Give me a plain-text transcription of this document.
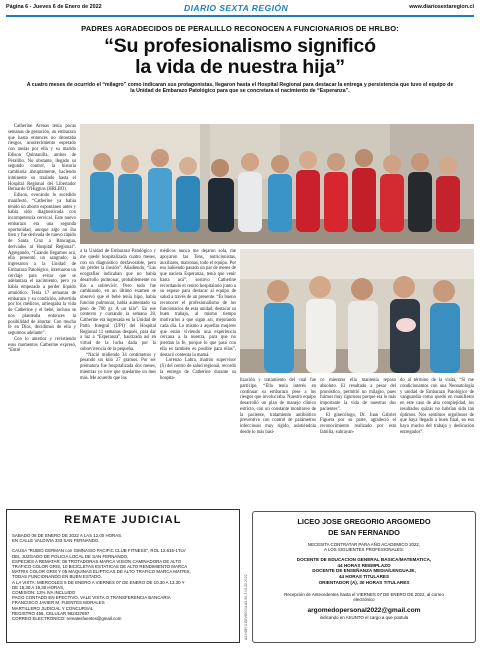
Página 6 - Jueves 6 de Enero de 2022	DIARIO SEXTA REGIÓN	www.diariosextaregion.cl
PADRES AGRADECIDOS DE PERALILLO RECONOCEN A FUNCIONARIOS DE HRLBO:
“Su profesionalismo significó
la vida de nuestra hija”
A cuatro meses de ocurrido el “milagro” como indicaran sus protagonistas, llegaron hasta el Hospital Regional para destacar la entrega y persistencia que tuvo el equipo de la Unidad de Embarazo Patológico para que se concretara el nacimiento de “Esperanza”.

Catherine Arenas tenía pocas semanas de gestación, un embarazo que hasta entonces no denotaba riesgos, acontecimiento esperado con ansias por ella y su marido Edison Quintanilla, ambos de Peralillo. No obstante, llegado su segundo control, la historia cambiaría abruptamente, haciendo inminente su traslado hasta el Hospital Regional del Libertador Bernardo O'Higgins (HRLBO).

Edison, evocando lo sucedido manifestó, “Catherine ya había tenido un aborto espontáneo antes y había sido diagnosticada con incompetencia cervical. Este nuevo embarazo era una segunda oportunidad, aunque algo no iba bien y fue derivada de nuevo rápido de Santa Cruz a Rancagua, derivados al Hospital Regional”. Agregando, “Cuando llegamos acá, ella presentó un sangrado, la ingresaron a la Unidad de Embarazo Patológico, internaron un cerclaje para evitar que se adelantara el nacimiento, pero ya había empezado a perder líquido amniótico. Tenía 17 semanas de embarazo y su condición, advertida por los médicos, arriesgaba la vida de Catherine y el bebé, incluso se nos planteaba entonces la posibilidad de abortar. Con mucha fe en Dios, decidimos de ella y seguimos adelante”.

Con lo anterior y revistiendo esos momentos Catherine expresó, “Entré

a la Unidad de Embarazo Patológico y me quedé hospitalizada cuatro meses, con un diagnóstico desfavorable, pero sin perder la ilusión”. Añadiendo, “Las ecografías indicaban que no había desarrollo pulmonar, probablemente no iba a sobrevivir. Pero todo fue cambiando, en un último examen se observó que el bebé tenía hipo, había función pulmonar, había aumentado su peso de 700 gr. A un kilo”. En ese contexto y cursando la semana 28, Catherine era ingresada en la Unidad de Parto Integral (UPI) del Hospital Regional 11 semanas después, para dar a luz a “Esperanza”, hautizada así en virtud de la lucha dada por la sobrevivencia de la pequeña.

“Nació midiendo 34 centímetros y pesando un kilo 27 gramos. Por ser prematura fue hospitalizada dos meses, mientras yo tuve que quedarme un mes más. Me acuerdo que los

médicos nunca me dejaron sola, me apoyaron las Tens, nutricionistas, auxiliares, matronas, todo el equipo. Por eso habiendo pasado un par de meses de que naciera Esperanza, tenía que venir hasta acá”, sostuvo Catherine recordando el centro hospitalario junto a su esposo para destacar al equipo de salud a través de un presente. “Es bueno reconocer el profesionalismo de los funcionarios de esta unidad, destacar su buen trabajo, al mismo tiempo motivarlos a que sigan así, mejorando cada día. Lo mismo a aquellas mujeres que están viviendo una experiencia cercana a la nuestra, para que no pierdan la fe, porque lo que pasó con ella es también es posible para ellas”, destacó contenta la mamá.

Lorenzo Labra, matrón supervisor (S) del centro de salud regional, recordó la entrega de Catherine durante su hospita-	lización y tratamiento del cual fue partícipe, “Ella tenía interés en continuar su embarazo pese a los riesgos que involucraba. Nuestro equipo desarrolló un plan de manejo clínico estricto, con un constante monitoreo de la paciente, tratamiento antibiótico preventivo con control de parámetros infecciosos muy rigido, asistiéndola desde lo más bási-

co mientras ella mantenía reposo absoluto. El resultado a pesar del pronóstico, permitió un milagro, pues fuimos muy rigurosos porque era lo más importante la vida de nuestras dos pacientes”.

El ginecólogo, Dr. Juan Gabriel Figuera por su parte, agradeció el reconocimiento realizado por esta familia, subrayan-

do al término de la visita, “Si me condicionamos con una Neonatología y unidad de Embarazo Patológico de vanguardia como quedó en manifiesto en este caso de alta complejidad, los resultados quizás no habrían sido tan óptimos. Nos sentimos orgullosos de que haya llegado a buen final, en eso haya mucho del trabajo y dedicación entregados”.

REMATE JUDICIAL
SABADO 08 DE ENERO DE 2022 A LAS 12,00 HORAS.
EN CALLE VALDIVIA 333 SAN FERNANDO.
CAUSA "RUBIO GERMAN con GIMNASIO PACIFIC CLUB FITNESS", ROL 12.615-1TLV
DEL JUZGADO DE POLICIA LOCAL DE SAN FERNANDO.
ESPECIES A REMATAR: 08 TROTADORAS MARCA VISION CAMINADORA DE ALTO
TRAFICO COLOR GRIS, 10 BICICLETAS ESTATICAS DE ALTO RENDIMIENTO MARCA
MATRIX COLOR GRIS Y 05 MAQUINAS ELIPTICAS DE ALTO TRAFICO MARCA MATRIX,
TODAS FUNCIONANDO EN BUEN ESTADO.
A LA VISTA: MIERCOLES 5 DE ENERO A VIERNES 07 DE ENERO DE 10.30 A 13.30 Y
DE 15,30 A 19,30 HORAS,
COMISION: 12% IVA INCLUIDO
PAGO CONTADO EN EFECTIVO, VALE VISTA O TRANSFERENCIA BANCARIA
FRANCISCO JAVIER M. FUENTES MORALES
MARTILLERO JUDICIAL Y CONCURSAL
REGISTRO 456, CELULAR 962437697
CORREO ELECTRONICO: rematesfuentes@gmail.com	A3-HOR-3 DEVO0004-A5-92-7-03-22-2022
LICEO JOSE GREGORIO ARGOMEDO
DE SAN FERNANDO
NECESITA CONTRATAR PARA AÑO ACADEMICO 2022,
A LOS SIGUIENTES PROFESIONALES:
DOCENTE DE EDUCACION GENERAL BASICA/MATEMATICA,
44 HORAS REEMPLAZO
DOCENTE DE ENSEÑANZA MEDIA/LENGUAJE,
44 HORAS TITULARES
ORIENTADOR (A), 30 HORAS TITULARES
Recepción de Antecedentes hasta el VIERNES 07 DE ENERO DE 2022, al correo
electrónico
argomedopersonal2022@gmail.com
indicando en ASUNTO el cargo a que postula
